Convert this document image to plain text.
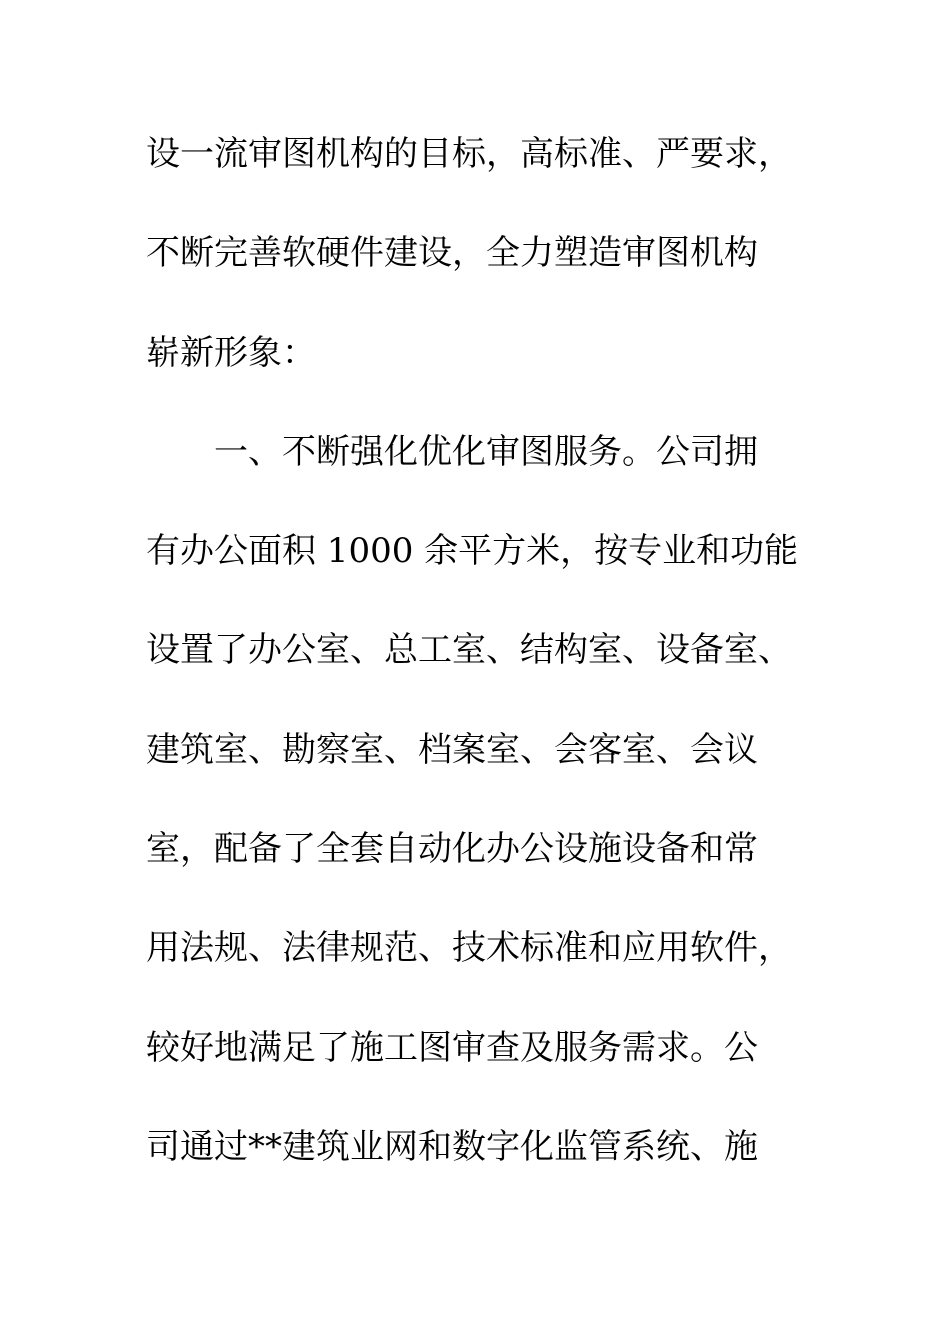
设一流审图机构的目标，高标准、严要求，
不断完善软硬件建设，全力塑造审图机构
崭新形象：
一、不断强化优化审图服务。公司拥
有办公面积 1000 余平方米，按专业和功能
设置了办公室、总工室、结构室、设备室、
建筑室、勘察室、档案室、会客室、会议
室，配备了全套自动化办公设施设备和常
用法规、法律规范、技术标准和应用软件，
较好地满足了施工图审查及服务需求。公
司通过**建筑业网和数字化监管系统、施
